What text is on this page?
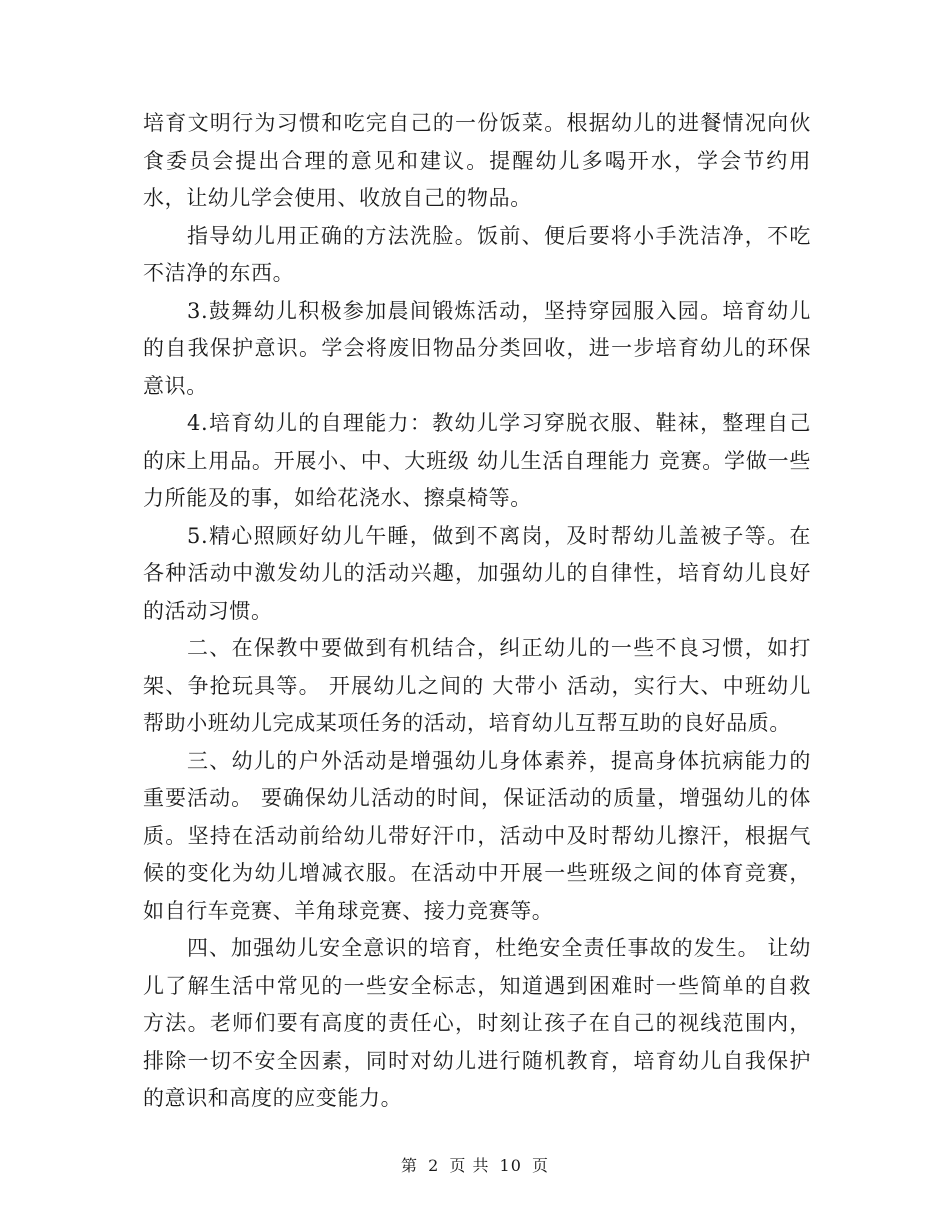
培育文明行为习惯和吃完自己的一份饭菜。根据幼儿的进餐情况向伙食委员会提出合理的意见和建议。提醒幼儿多喝开水，学会节约用水，让幼儿学会使用、收放自己的物品。

指导幼儿用正确的方法洗脸。饭前、便后要将小手洗洁净，不吃不洁净的东西。

3.鼓舞幼儿积极参加晨间锻炼活动，坚持穿园服入园。培育幼儿的自我保护意识。学会将废旧物品分类回收，进一步培育幼儿的环保意识。

4.培育幼儿的自理能力：教幼儿学习穿脱衣服、鞋袜，整理自己的床上用品。开展小、中、大班级 幼儿生活自理能力 竞赛。学做一些力所能及的事，如给花浇水、擦桌椅等。

5.精心照顾好幼儿午睡，做到不离岗，及时帮幼儿盖被子等。在各种活动中激发幼儿的活动兴趣，加强幼儿的自律性，培育幼儿良好的活动习惯。

二、在保教中要做到有机结合，纠正幼儿的一些不良习惯，如打架、争抢玩具等。 开展幼儿之间的 大带小 活动，实行大、中班幼儿帮助小班幼儿完成某项任务的活动，培育幼儿互帮互助的良好品质。

三、幼儿的户外活动是增强幼儿身体素养，提高身体抗病能力的重要活动。 要确保幼儿活动的时间，保证活动的质量，增强幼儿的体质。坚持在活动前给幼儿带好汗巾，活动中及时帮幼儿擦汗，根据气候的变化为幼儿增减衣服。在活动中开展一些班级之间的体育竞赛，如自行车竞赛、羊角球竞赛、接力竞赛等。

四、加强幼儿安全意识的培育，杜绝安全责任事故的发生。 让幼儿了解生活中常见的一些安全标志，知道遇到困难时一些简单的自救方法。老师们要有高度的责任心，时刻让孩子在自己的视线范围内，排除一切不安全因素，同时对幼儿进行随机教育，培育幼儿自我保护的意识和高度的应变能力。

第 2 页 共 10 页
